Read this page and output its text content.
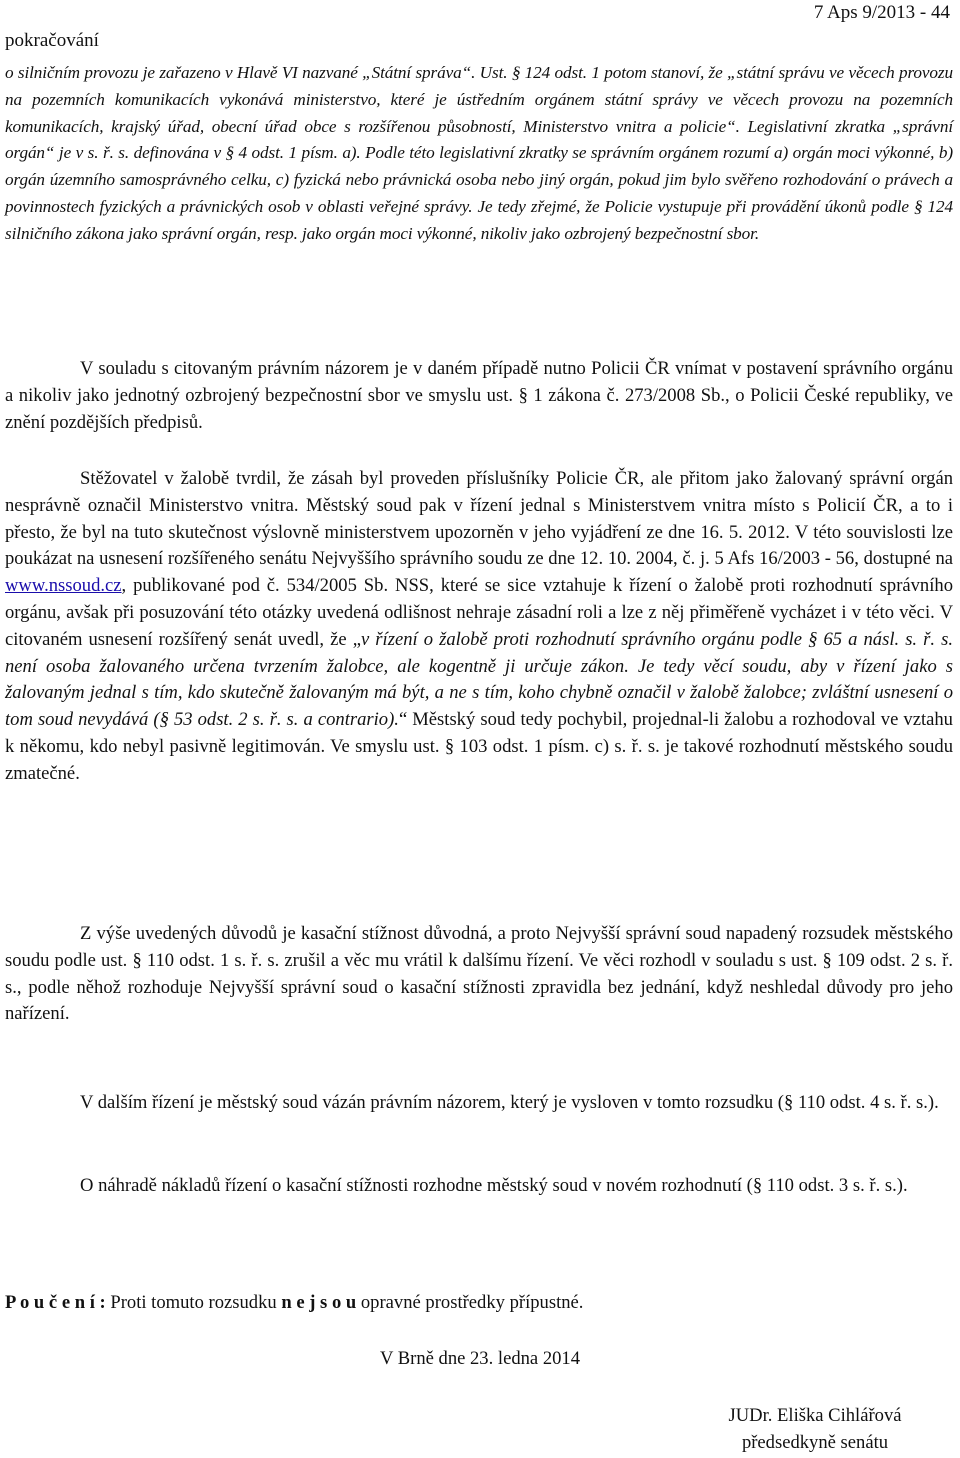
pokračování
7 Aps 9/2013 - 44

o silničním provozu je zařazeno v Hlavě VI nazvané „Státní správa“. Ust. § 124 odst. 1 potom stanoví, že „státní správu ve věcech provozu na pozemních komunikacích vykonává ministerstvo, které je ústředním orgánem státní správy ve věcech provozu na pozemních komunikacích, krajský úřad, obecní úřad obce s rozšířenou působností, Ministerstvo vnitra a policie“. Legislativní zkratka „správní orgán“ je v s. ř. s. definována v § 4 odst. 1 písm. a). Podle této legislativní zkratky se správním orgánem rozumí a) orgán moci výkonné, b) orgán územního samosprávného celku, c) fyzická nebo právnická osoba nebo jiný orgán, pokud jim bylo svěřeno rozhodování o právech a povinnostech fyzických a právnických osob v oblasti veřejné správy. Je tedy zřejmé, že Policie vystupuje při provádění úkonů podle § 124 silničního zákona jako správní orgán, resp. jako orgán moci výkonné, nikoliv jako ozbrojený bezpečnostní sbor.

V souladu s citovaným právním názorem je v daném případě nutno Policii ČR vnímat v postavení správního orgánu a nikoliv jako jednotný ozbrojený bezpečnostní sbor ve smyslu ust. § 1 zákona č. 273/2008 Sb., o Policii České republiky, ve znění pozdějších předpisů.

Stěžovatel v žalobě tvrdil, že zásah byl proveden příslušníky Policie ČR, ale přitom jako žalovaný správní orgán nesprávně označil Ministerstvo vnitra. Městský soud pak v řízení jednal s Ministerstvem vnitra místo s Policií ČR, a to i přesto, že byl na tuto skutečnost výslovně ministerstvem upozorněn v jeho vyjádření ze dne 16. 5. 2012. V této souvislosti lze poukázat na usnesení rozšířeného senátu Nejvyššího správního soudu ze dne 12. 10. 2004, č. j. 5 Afs 16/2003 - 56, dostupné na www.nssoud.cz, publikované pod č. 534/2005 Sb. NSS, které se sice vztahuje k řízení o žalobě proti rozhodnutí správního orgánu, avšak při posuzování této otázky uvedená odlišnost nehraje zásadní roli a lze z něj přiměřeně vycházet i v této věci. V citovaném usnesení rozšířený senát uvedl, že „v řízení o žalobě proti rozhodnutí správního orgánu podle § 65 a násl. s. ř. s. není osoba žalovaného určena tvrzením žalobce, ale kogentně ji určuje zákon. Je tedy věcí soudu, aby v řízení jako s žalovaným jednal s tím, kdo skutečně žalovaným má být, a ne s tím, koho chybně označil v žalobě žalobce; zvláštní usnesení o tom soud nevydává (§ 53 odst. 2 s. ř. s. a contrario).“ Městský soud tedy pochybil, projednal-li žalobu a rozhodoval ve vztahu k někomu, kdo nebyl pasivně legitimován. Ve smyslu ust. § 103 odst. 1 písm. c) s. ř. s. je takové rozhodnutí městského soudu zmatečné.

Z výše uvedených důvodů je kasační stížnost důvodná, a proto Nejvyšší správní soud napadený rozsudek městského soudu podle ust. § 110 odst. 1 s. ř. s. zrušil a věc mu vrátil k dalšímu řízení. Ve věci rozhodl v souladu s ust. § 109 odst. 2 s. ř. s., podle něhož rozhoduje Nejvyšší správní soud o kasační stížnosti zpravidla bez jednání, když neshledal důvody pro jeho nařízení.

V dalším řízení je městský soud vázán právním názorem, který je vysloven v tomto rozsudku (§ 110 odst. 4 s. ř. s.).

O náhradě nákladů řízení o kasační stížnosti rozhodne městský soud v novém rozhodnutí (§ 110 odst. 3 s. ř. s.).

P o u č e n í : Proti tomuto rozsudku n e j s o u opravné prostředky přípustné.

V Brně dne 23. ledna 2014
JUDr. Eliška Cihlářová
předsedkyně senátu
